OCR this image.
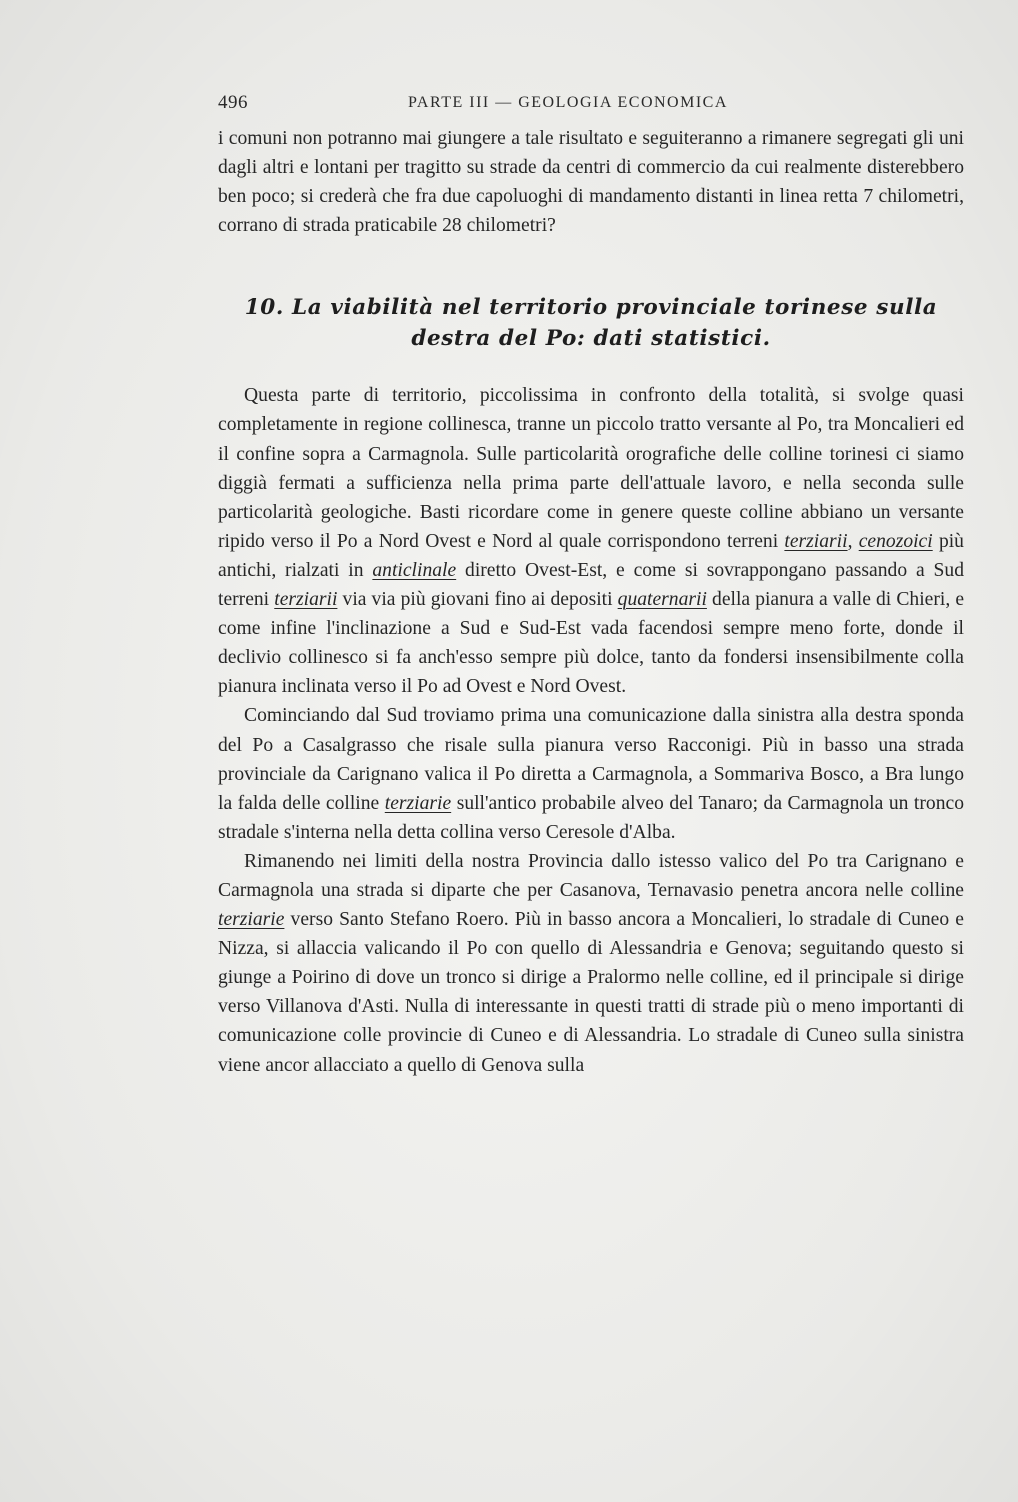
496	PARTE III — GEOLOGIA ECONOMICA

i comuni non potranno mai giungere a tale risultato e seguiteranno a rimanere segregati gli uni dagli altri e lontani per tragitto su strade da centri di commercio da cui realmente disterebbero ben poco; si crederà che fra due capoluoghi di mandamento distanti in linea retta 7 chilometri, corrano di strada praticabile 28 chilometri?

10. La viabilità nel territorio provinciale torinese sulla destra del Po: dati statistici.

Questa parte di territorio, piccolissima in confronto della totalità, si svolge quasi completamente in regione collinesca, tranne un piccolo tratto versante al Po, tra Moncalieri ed il confine sopra a Carmagnola. Sulle particolarità orografiche delle colline torinesi ci siamo diggià fermati a sufficienza nella prima parte dell'attuale lavoro, e nella seconda sulle particolarità geologiche. Basti ricordare come in genere queste colline abbiano un versante ripido verso il Po a Nord Ovest e Nord al quale corrispondono terreni terziarii, cenozoici più antichi, rialzati in anticlinale diretto Ovest-Est, e come si sovrappongano passando a Sud terreni terziarii via via più giovani fino ai depositi quaternarii della pianura a valle di Chieri, e come infine l'inclinazione a Sud e Sud-Est vada facendosi sempre meno forte, donde il declivio collinesco si fa anch'esso sempre più dolce, tanto da fondersi insensibilmente colla pianura inclinata verso il Po ad Ovest e Nord Ovest.

Cominciando dal Sud troviamo prima una comunicazione dalla sinistra alla destra sponda del Po a Casalgrasso che risale sulla pianura verso Racconigi. Più in basso una strada provinciale da Carignano valica il Po diretta a Carmagnola, a Sommariva Bosco, a Bra lungo la falda delle colline terziarie sull'antico probabile alveo del Tanaro; da Carmagnola un tronco stradale s'interna nella detta collina verso Ceresole d'Alba.

Rimanendo nei limiti della nostra Provincia dallo istesso valico del Po tra Carignano e Carmagnola una strada si diparte che per Casanova, Ternavasio penetra ancora nelle colline terziarie verso Santo Stefano Roero. Più in basso ancora a Moncalieri, lo stradale di Cuneo e Nizza, si allaccia valicando il Po con quello di Alessandria e Genova; seguitando questo si giunge a Poirino di dove un tronco si dirige a Pralormo nelle colline, ed il principale si dirige verso Villanova d'Asti. Nulla di interessante in questi tratti di strade più o meno importanti di comunicazione colle provincie di Cuneo e di Alessandria. Lo stradale di Cuneo sulla sinistra viene ancor allacciato a quello di Genova sulla
